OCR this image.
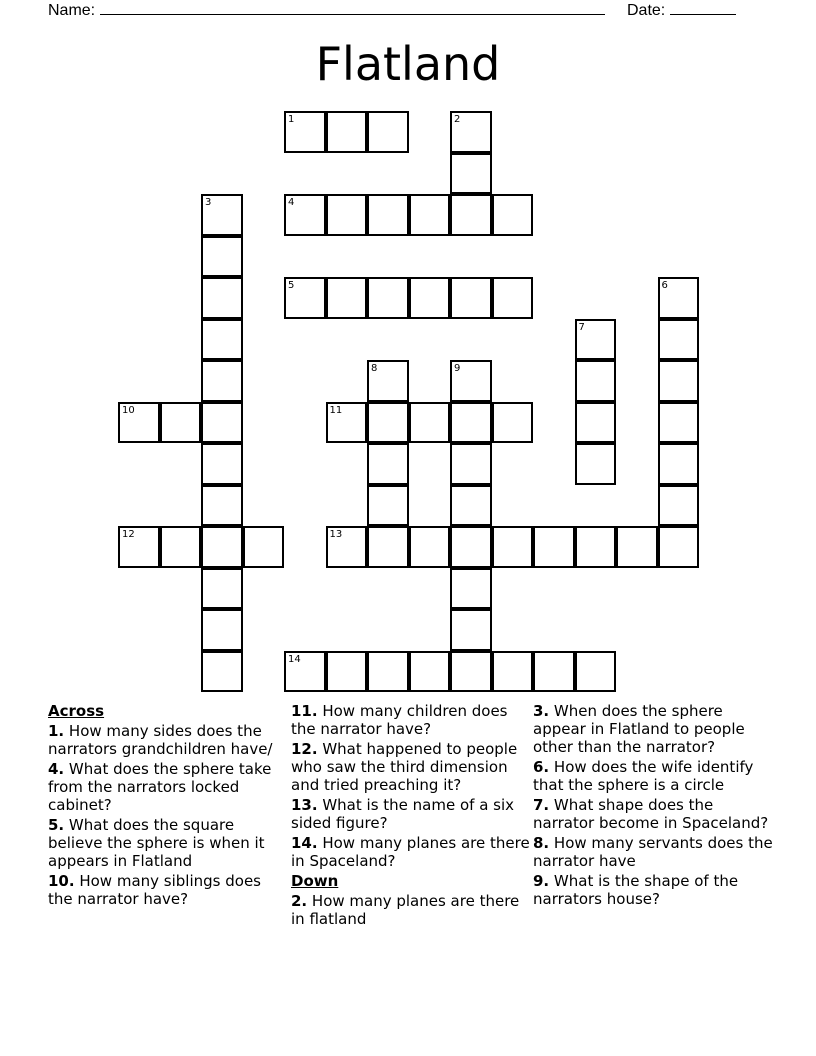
Name:	Date:
Flatland
1	2
3	4
5	6
7
8	9
10	11
12	13
14

Across

1. How many sides does the narrators grandchildren have/

4. What does the sphere take from the narrators locked cabinet?

5. What does the square believe the sphere is when it appears in Flatland

10. How many siblings does the narrator have?

11. How many children does the narrator have?

12. What happened to people who saw the third dimension and tried preaching it?

13. What is the name of a six sided figure?

14. How many planes are there in Spaceland?

Down

2. How many planes are there in flatland

3. When does the sphere appear in Flatland to people other than the narrator?

6. How does the wife identify that the sphere is a circle

7. What shape does the narrator become in Spaceland?

8. How many servants does the narrator have

9. What is the shape of the narrators house?
